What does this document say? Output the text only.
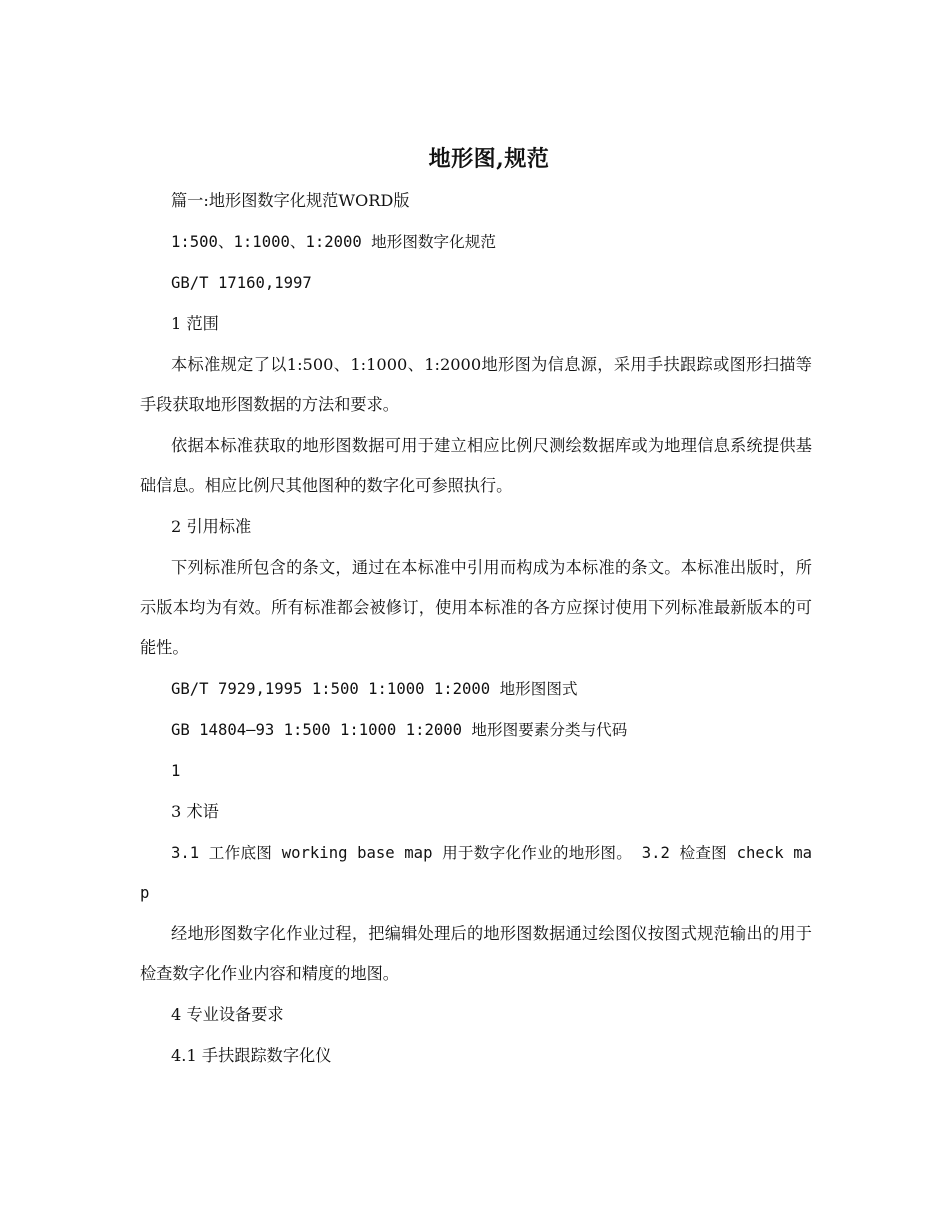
地形图,规范

篇一:地形图数字化规范WORD版

1:500、1:1000、1:2000 地形图数字化规范

GB/T 17160,1997

1 范围

本标准规定了以1:500、1:1000、1:2000地形图为信息源，采用手扶跟踪或图形扫描等手段获取地形图数据的方法和要求。

依据本标准获取的地形图数据可用于建立相应比例尺测绘数据库或为地理信息系统提供基础信息。相应比例尺其他图种的数字化可参照执行。

2 引用标准

下列标准所包含的条文，通过在本标准中引用而构成为本标准的条文。本标准出版时，所示版本均为有效。所有标准都会被修订，使用本标准的各方应探讨使用下列标准最新版本的可能性。

GB/T 7929,1995 1:500 1:1000 1:2000 地形图图式

GB 14804—93 1:500 1:1000 1:2000 地形图要素分类与代码

1

3 术语

3.1 工作底图 working base map 用于数字化作业的地形图。 3.2 检查图 check map

经地形图数字化作业过程，把编辑处理后的地形图数据通过绘图仪按图式规范输出的用于检查数字化作业内容和精度的地图。

4 专业设备要求

4.1 手扶跟踪数字化仪
